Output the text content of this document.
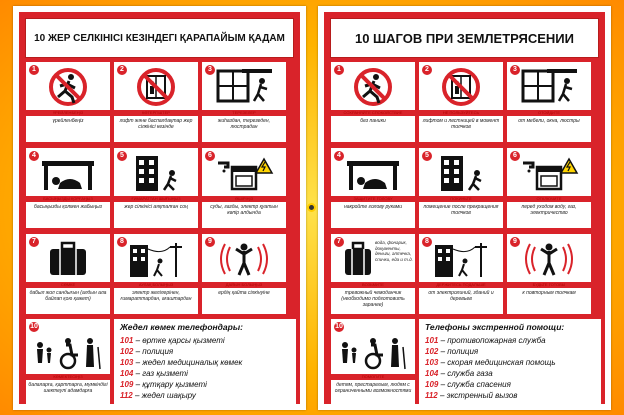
10 ЖЕР СЕЛКІНІСІ КЕЗІНДЕГІ ҚАРАПАЙЫМ ҚАДАМ
1
ҮРЕЙЛЕНБЕҢІЗ
үрейленбеңіз
2
КӨТЕРГІШТЕР
лифт және баспалдақтар жер сілкінісі кезінде
3
ТЕРЕЗЕЛЕР
жиһаздан, терезеден, люстрадан
4
БАСЫҢЫЗДЫ ҚОРҒАҢЫЗ
басыңызды қолмен жабыңыз
5
ҒИМАРАТТАН ШЫҒЫҢЫЗ
жер сілкінісі аяқталған соң
6
ӨШІРІҢІЗ
суды, газды, электр қуатын көпір алдында
7
СӨМКЕ
дабыл жол сандығын (алдын ала байлап қою қажет)
8
АУЛАҚ БОЛЫҢЫЗ
электр желілерінен, ғимараттардан, ағаштардан
9
ДАЙЫН БОЛЫҢЫЗ
ердің қайта сілкінуіне
10
КӨМЕКТЕСІҢІЗ
балаларға, қарттарға, мүмкіндігі шектеулі адамдарға
Жедел көмек телефондары:
101 – өртке қарсы қызметі
102 – полиция
103 – жедел медициналық көмек
104 – газ қызметі
109 – құтқару қызметі
112 – жедел шақыру
10 ШАГОВ ПРИ ЗЕМЛЕТРЯСЕНИИ
1
СОХРАНЯЙТЕ СПОКОЙСТВИЕ
без паники
2
НЕ ПОЛЬЗУЙТЕСЬ
лифтом и лестницей в момент толчков
3
ОТОЙДИТЕ
от мебели, окна, люстры
4
ЗАЩИТИТЕ ГОЛОВУ
накройте голову руками
5
ПОКИНЬТЕ
помещение после прекращения толчков
6
ОТКЛЮЧИТЕ
перед уходом воду, газ, электричество
7	вода, фонарик, документы, деньги, аптечка, спички, еда и т.д.
ВОЗЬМИТЕ
тревожный чемоданчик (необходимо подготовить заранее)
8
ДЕРЖИТЕСЬ ПОДАЛЬШЕ
от электролиний, зданий и деревьев
9
БУДЬТЕ ГОТОВЫ
к повторным толчкам
10
ПОМОГИТЕ
детям, престарелым, людям с ограниченными возможностями
Телефоны экстренной помощи:
101 – противопожарная служба
102 – полиция
103 – скорая медицинская помощь
104 – служба газа
109 – служба спасения
112 – экстренный вызов
